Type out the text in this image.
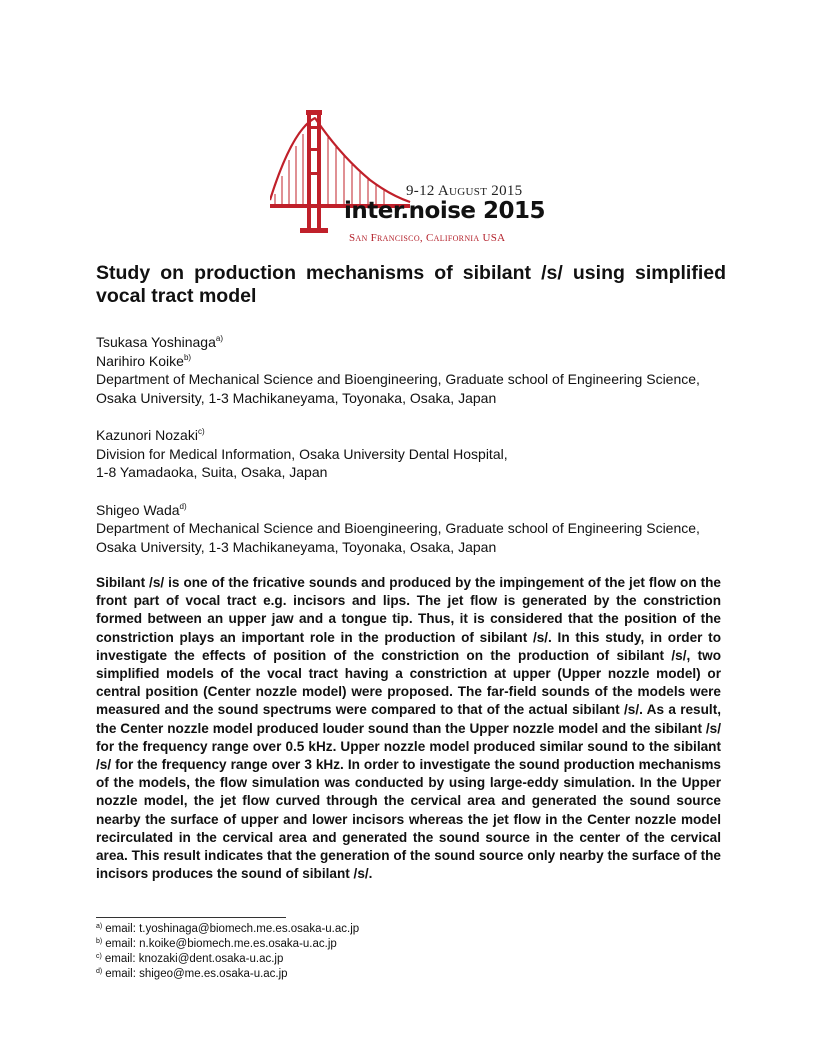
9-12 August 2015
inter.noise 2015
San Francisco, California USA
Study on production mechanisms of sibilant /s/ using simplified vocal tract model
Tsukasa Yoshinaga$^{a)}$
Narihiro Koike$^{b)}$
Department of Mechanical Science and Bioengineering, Graduate school of Engineering Science,
Osaka University, 1-3 Machikaneyama, Toyonaka, Osaka, Japan
Kazunori Nozaki$^{c)}$
Division for Medical Information, Osaka University Dental Hospital,
1-8 Yamadaoka, Suita, Osaka, Japan
Shigeo Wada$^{d)}$
Department of Mechanical Science and Bioengineering, Graduate school of Engineering Science,
Osaka University, 1-3 Machikaneyama, Toyonaka, Osaka, Japan

Sibilant /s/ is one of the fricative sounds and produced by the impingement of the jet flow on the front part of vocal tract e.g. incisors and lips. The jet flow is generated by the constriction formed between an upper jaw and a tongue tip. Thus, it is considered that the position of the constriction plays an important role in the production of sibilant /s/. In this study, in order to investigate the effects of position of the constriction on the production of sibilant /s/, two simplified models of the vocal tract having a constriction at upper (Upper nozzle model) or central position (Center nozzle model) were proposed. The far-field sounds of the models were measured and the sound spectrums were compared to that of the actual sibilant /s/. As a result, the Center nozzle model produced louder sound than the Upper nozzle model and the sibilant /s/ for the frequency range over 0.5 kHz. Upper nozzle model produced similar sound to the sibilant /s/ for the frequency range over 3 kHz. In order to investigate the sound production mechanisms of the models, the flow simulation was conducted by using large-eddy simulation. In the Upper nozzle model, the jet flow curved through the cervical area and generated the sound source nearby the surface of upper and lower incisors whereas the jet flow in the Center nozzle model recirculated in the cervical area and generated the sound source in the center of the cervical area. This result indicates that the generation of the sound source only nearby the surface of the incisors produces the sound of sibilant /s/.

$^{a)}$ email: t.yoshinaga@biomech.me.es.osaka-u.ac.jp
$^{b)}$ email: n.koike@biomech.me.es.osaka-u.ac.jp
$^{c)}$ email: knozaki@dent.osaka-u.ac.jp
$^{d)}$ email: shigeo@me.es.osaka-u.ac.jp
